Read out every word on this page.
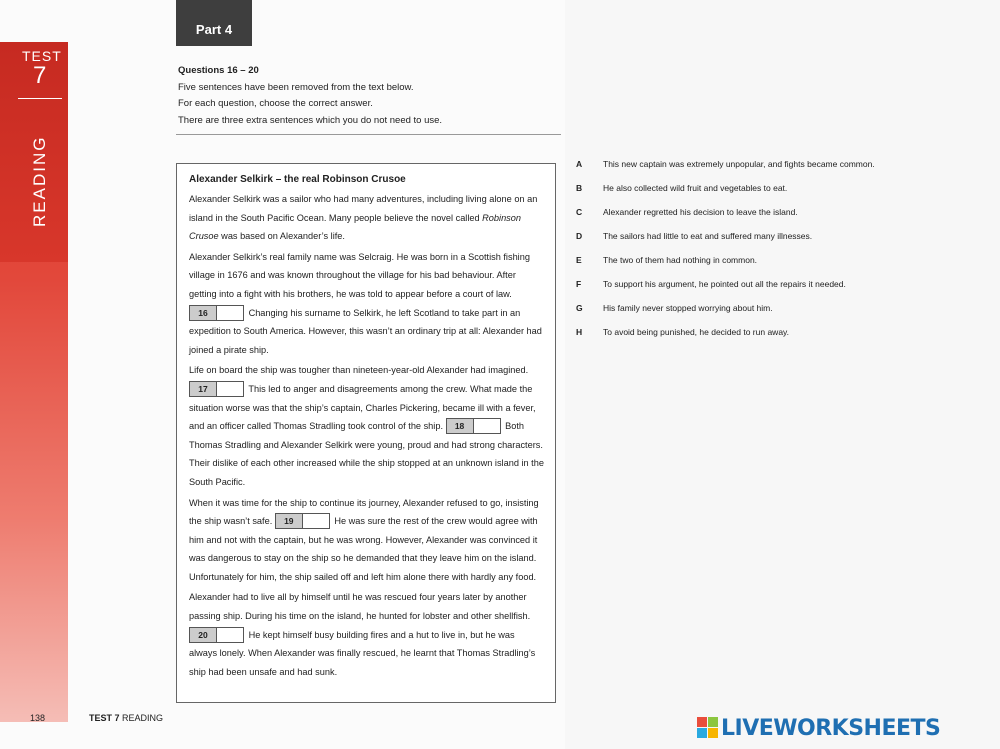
TEST
7
READING
Part 4
Questions 16 – 20
Five sentences have been removed from the text below.
For each question, choose the correct answer.
There are three extra sentences which you do not need to use.
Alexander Selkirk – the real Robinson Crusoe

Alexander Selkirk was a sailor who had many adventures, including living alone on an island in the South Pacific Ocean. Many people believe the novel called Robinson Crusoe was based on Alexander’s life.

Alexander Selkirk’s real family name was Selcraig. He was born in a Scottish fishing village in 1676 and was known throughout the village for his bad behaviour. After getting into a fight with his brothers, he was told to appear before a court of law. 16	Changing his surname to Selkirk, he left Scotland to take part in an expedition to South America. However, this wasn’t an ordinary trip at all: Alexander had joined a pirate ship.

Life on board the ship was tougher than nineteen-year-old Alexander had imagined. 17	This led to anger and disagreements among the crew. What made the situation worse was that the ship’s captain, Charles Pickering, became ill with a fever, and an officer called Thomas Stradling took control of the ship. 18	Both Thomas Stradling and Alexander Selkirk were young, proud and had strong characters. Their dislike of each other increased while the ship stopped at an unknown island in the South Pacific.

When it was time for the ship to continue its journey, Alexander refused to go, insisting the ship wasn’t safe. 19	He was sure the rest of the crew would agree with him and not with the captain, but he was wrong. However, Alexander was convinced it was dangerous to stay on the ship so he demanded that they leave him on the island. Unfortunately for him, the ship sailed off and left him alone there with hardly any food.

Alexander had to live all by himself until he was rescued four years later by another passing ship. During his time on the island, he hunted for lobster and other shellfish. 20	He kept himself busy building fires and a hut to live in, but he was always lonely. When Alexander was finally rescued, he learnt that Thomas Stradling’s ship had been unsafe and had sunk.

A This new captain was extremely unpopular, and fights became common.
B He also collected wild fruit and vegetables to eat.
C Alexander regretted his decision to leave the island.
D The sailors had little to eat and suffered many illnesses.
E	The two of them had nothing in common.
F	To support his argument, he pointed out all the repairs it needed.
G His family never stopped worrying about him.
H To avoid being punished, he decided to run away.
138	TEST 7 READING	LIVEWORKSHEETS
